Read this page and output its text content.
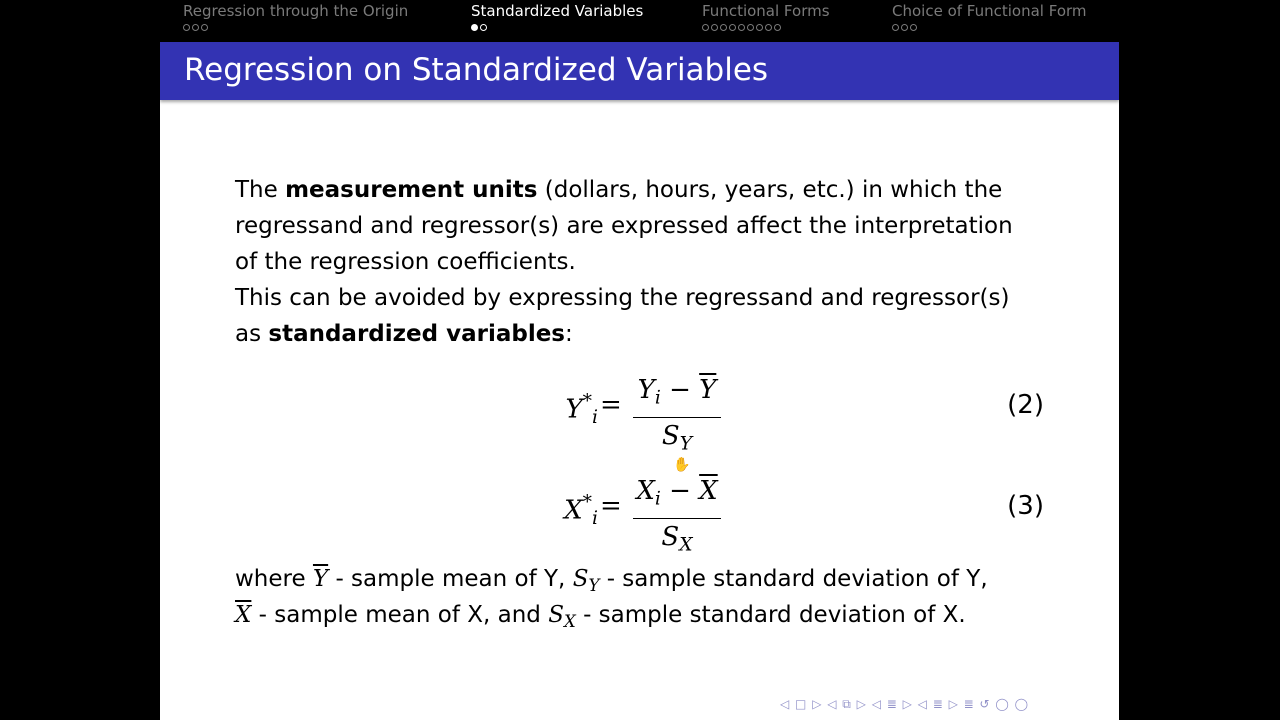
Regression through the Origin	Standardized Variables	Functional Forms	Choice of Functional Form
Regression on Standardized Variables
The measurement units (dollars, hours, years, etc.) in which the
regressand and regressor(s) are expressed affect the interpretation
of the regression coefficients.
This can be avoided by expressing the regressand and regressor(s)
as standardized variables:
$Y^*_i = Y_i - \overline{Y}$
$S_Y$
(2)
$X^*_i = X_i - \overline{X}$
$S_X$
(3)
where $\overline{Y}$ - sample mean of Y, $S_Y$ - sample standard deviation of Y,
$\overline{X}$ - sample mean of X, and $S_X$ - sample standard deviation of X.
◁ □ ▷ ◁ ⧉ ▷ ◁ ≣ ▷ ◁ ≣ ▷ ≣ ↺ ◯ ◯
✋
